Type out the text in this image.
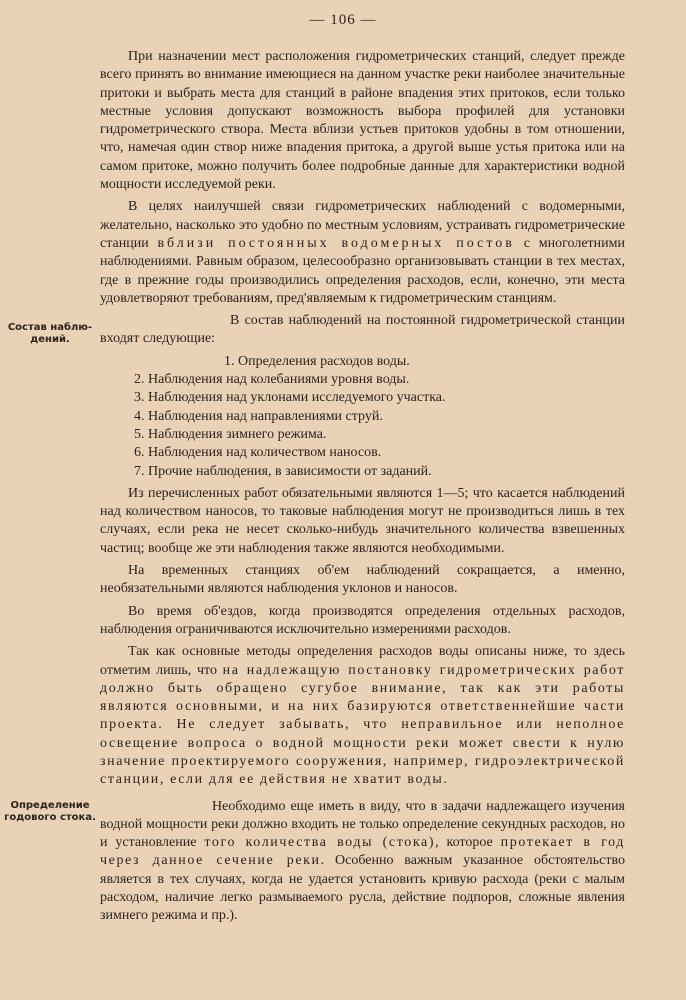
— 106 —

При назначении мест расположения гидрометрических станций, следует прежде всего принять во внимание имеющиеся на данном участке реки наиболее значительные притоки и выбрать места для станций в районе впадения этих притоков, если только местные условия допускают возможность выбора профилей для установки гидрометрического створа. Места вблизи устьев притоков удобны в том отношении, что, намечая один створ ниже впадения притока, а другой выше устья притока или на самом притоке, можно получить более подробные данные для характеристики водной мощности исследуемой реки.

В целях наилучшей связи гидрометрических наблюдений с водомерными, желательно, насколько это удобно по местным условиям, устраивать гидрометрические станции вблизи постоянных водомерных постов с многолетними наблюдениями. Равным образом, целесообразно организовывать станции в тех местах, где в прежние годы производились определения расходов, если, конечно, эти места удовлетворяют требованиям, пред'являемым к гидрометрическим станциям.

Состав наблю-
дений.

В состав наблюдений на постоянной гидрометрической станции входят следующие:

1. Определения расходов воды.
2. Наблюдения над колебаниями уровня воды.
3. Наблюдения над уклонами исследуемого участка.
4. Наблюдения над направлениями струй.
5. Наблюдения зимнего режима.
6. Наблюдения над количеством наносов.
7. Прочие наблюдения, в зависимости от заданий.

Из перечисленных работ обязательными являются 1—5; что касается наблюдений над количеством наносов, то таковые наблюдения могут не производиться лишь в тех случаях, если река не несет сколько-нибудь значительного количества взвешенных частиц; вообще же эти наблюдения также являются необходимыми.

На временных станциях об'ем наблюдений сокращается, а именно, необязательными являются наблюдения уклонов и наносов.

Во время об'ездов, когда производятся определения отдельных расходов, наблюдения ограничиваются исключительно измерениями расходов.

Так как основные методы определения расходов воды описаны ниже, то здесь отметим лишь, что на надлежащую постановку гидрометрических работ должно быть обращено сугубое внимание, так как эти работы являются основными, и на них базируются ответственнейшие части проекта. Не следует забывать, что неправильное или неполное освещение вопроса о водной мощности реки может свести к нулю значение проектируемого сооружения, например, гидроэлектрической станции, если для ее действия не хватит воды.

Определение
годового стока.

Необходимо еще иметь в виду, что в задачи надлежащего изучения водной мощности реки должно входить не только определение секундных расходов, но и установление того количества воды (стока), которое протекает в год через данное сечение реки. Особенно важным указанное обстоятельство является в тех случаях, когда не удается установить кривую расхода (реки с малым расходом, наличие легко размываемого русла, действие подпоров, сложные явления зимнего режима и пр.).
